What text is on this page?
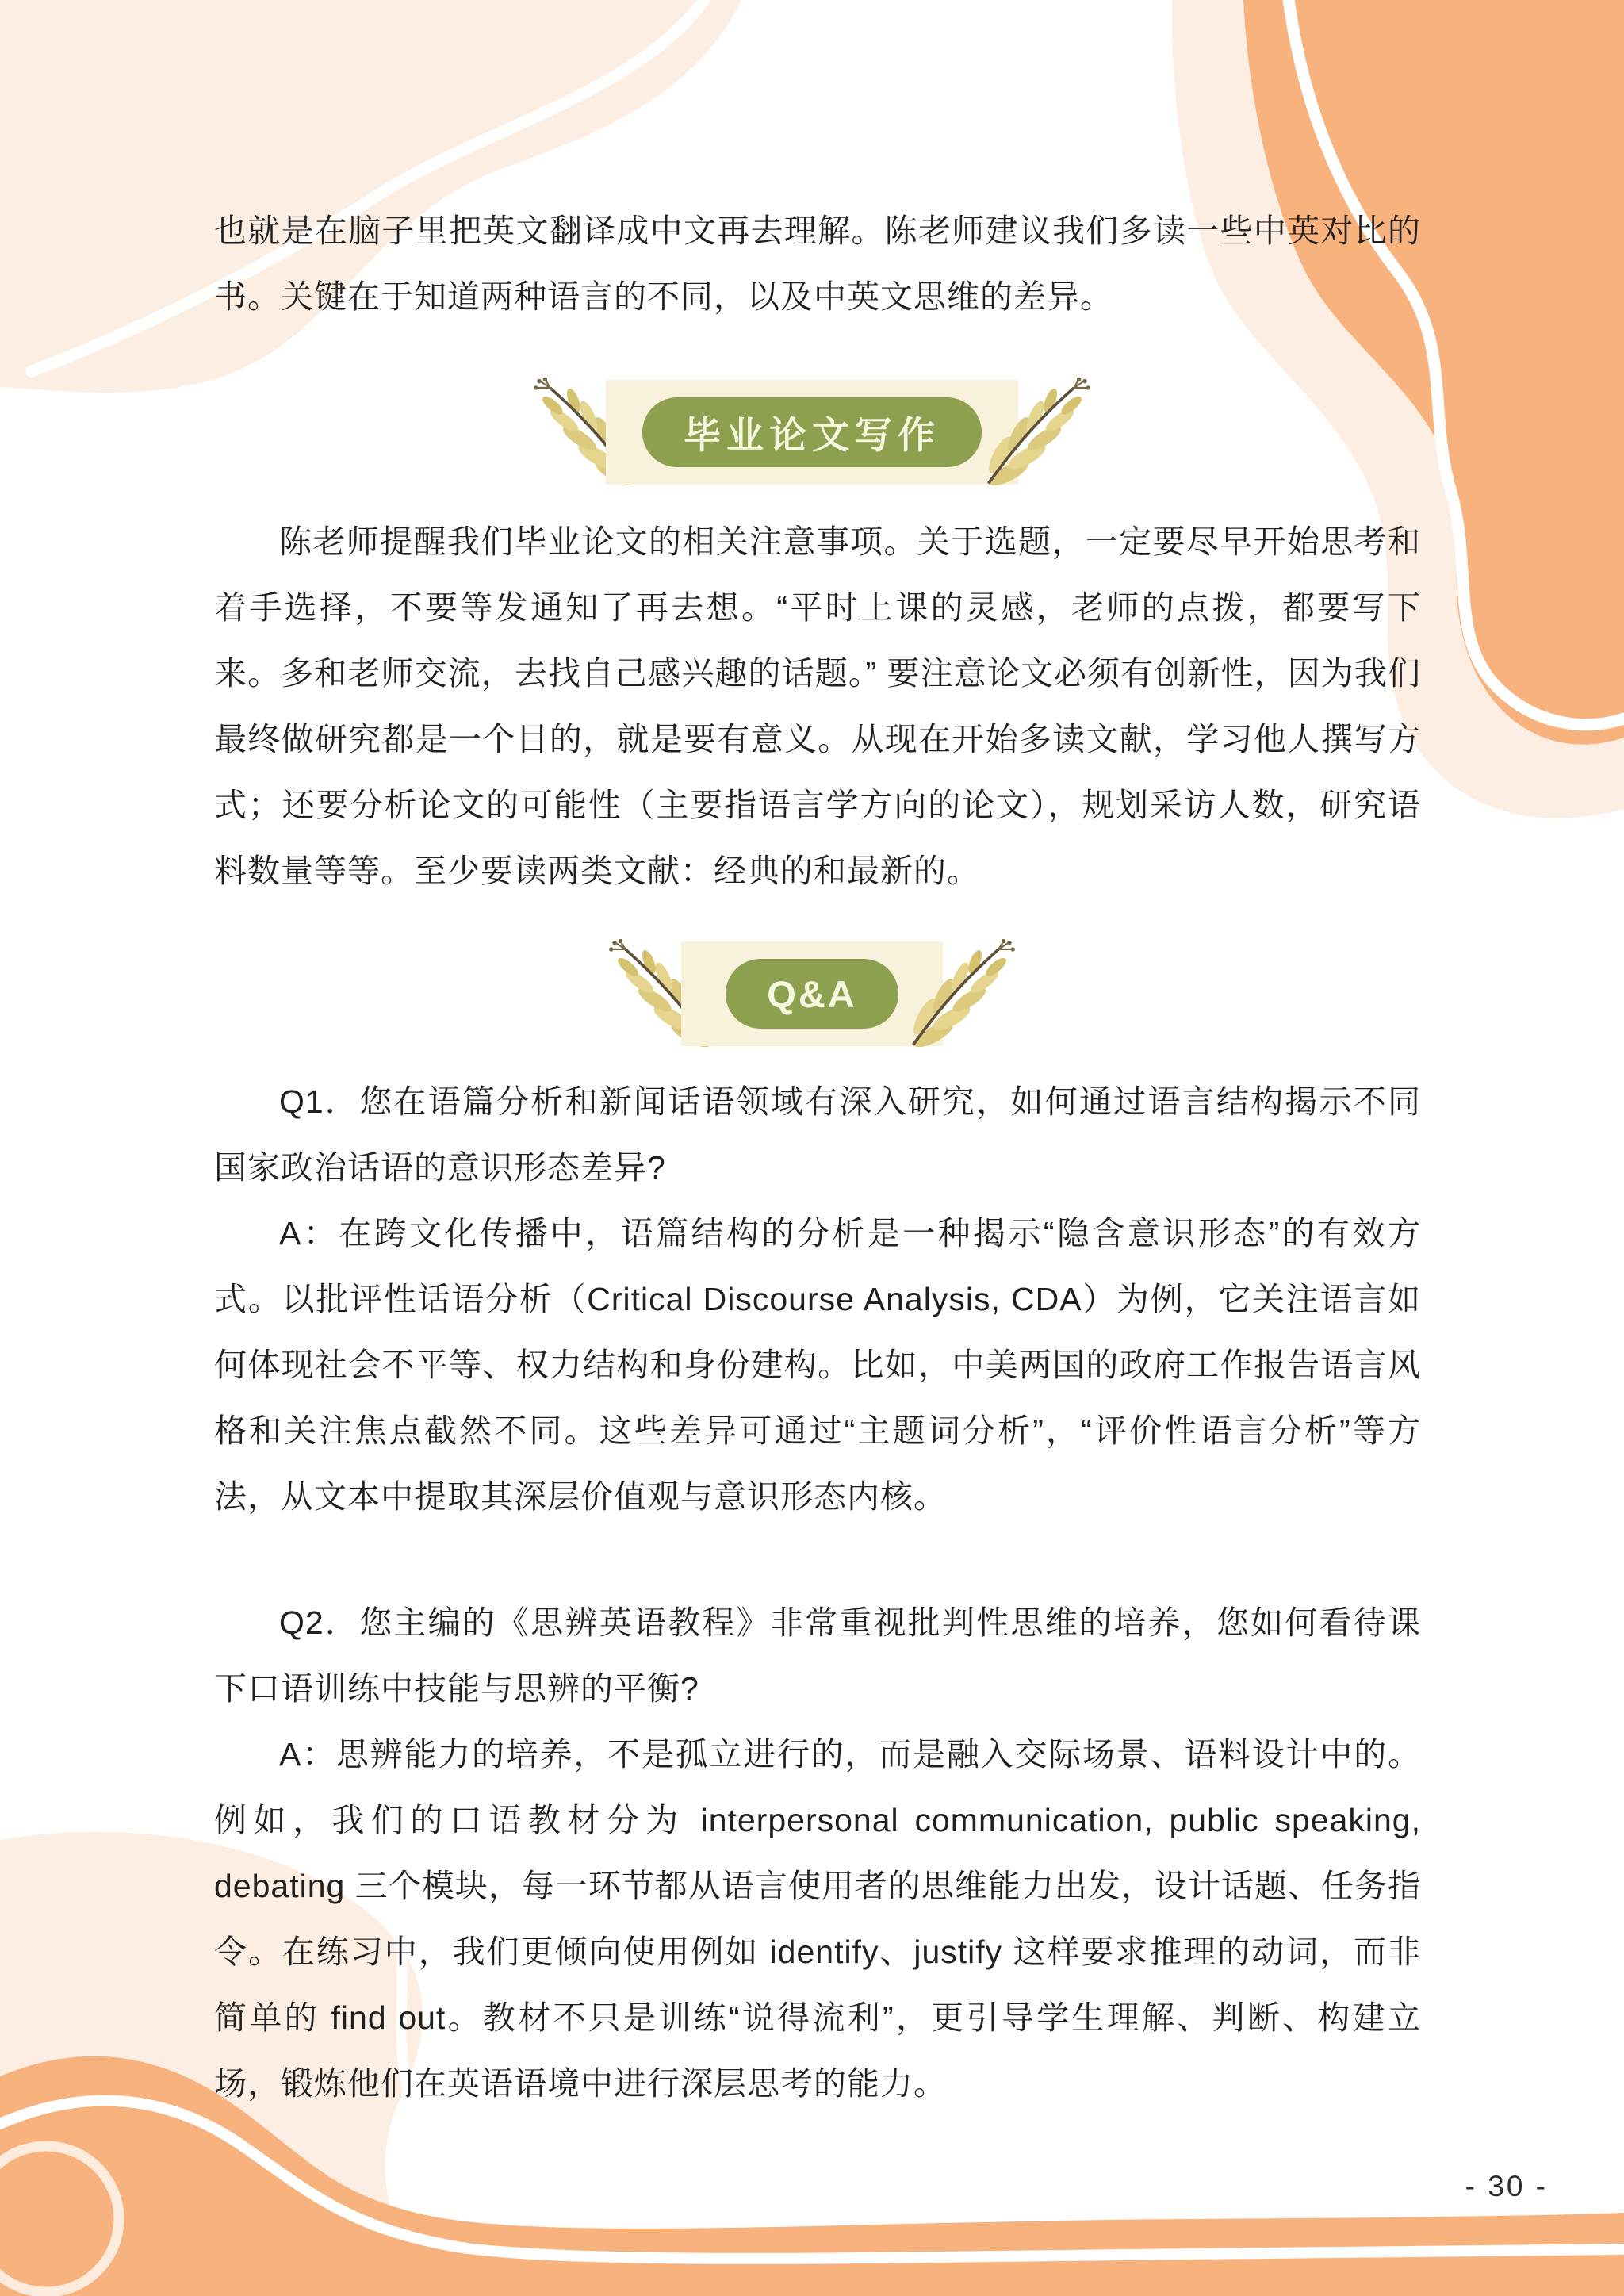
也就是在脑子里把英文翻译成中文再去理解。陈老师建议我们多读一些中英对比的书。关键在于知道两种语言的不同，以及中英文思维的差异。

毕业论文写作

陈老师提醒我们毕业论文的相关注意事项。关于选题，一定要尽早开始思考和着手选择，不要等发通知了再去想。“平时上课的灵感，老师的点拨，都要写下来。多和老师交流，去找自己感兴趣的话题。” 要注意论文必须有创新性，因为我们最终做研究都是一个目的，就是要有意义。从现在开始多读文献，学习他人撰写方式；还要分析论文的可能性（主要指语言学方向的论文），规划采访人数，研究语料数量等等。至少要读两类文献：经典的和最新的。

Q&A

Q1．您在语篇分析和新闻话语领域有深入研究，如何通过语言结构揭示不同国家政治话语的意识形态差异?

A：在跨文化传播中，语篇结构的分析是一种揭示“隐含意识形态”的有效方式。以批评性话语分析（Critical Discourse Analysis, CDA）为例，它关注语言如何体现社会不平等、权力结构和身份建构。比如，中美两国的政府工作报告语言风格和关注焦点截然不同。这些差异可通过“主题词分析”，“评价性语言分析”等方法，从文本中提取其深层价值观与意识形态内核。

Q2．您主编的《思辨英语教程》非常重视批判性思维的培养，您如何看待课下口语训练中技能与思辨的平衡?

A：思辨能力的培养，不是孤立进行的，而是融入交际场景、语料设计中的。例如，我们的口语教材分为 interpersonal communication, public speaking, debating 三个模块，每一环节都从语言使用者的思维能力出发，设计话题、任务指令。在练习中，我们更倾向使用例如 identify、justify 这样要求推理的动词，而非简单的 find out。教材不只是训练“说得流利”，更引导学生理解、判断、构建立场，锻炼他们在英语语境中进行深层思考的能力。

- 30 -
